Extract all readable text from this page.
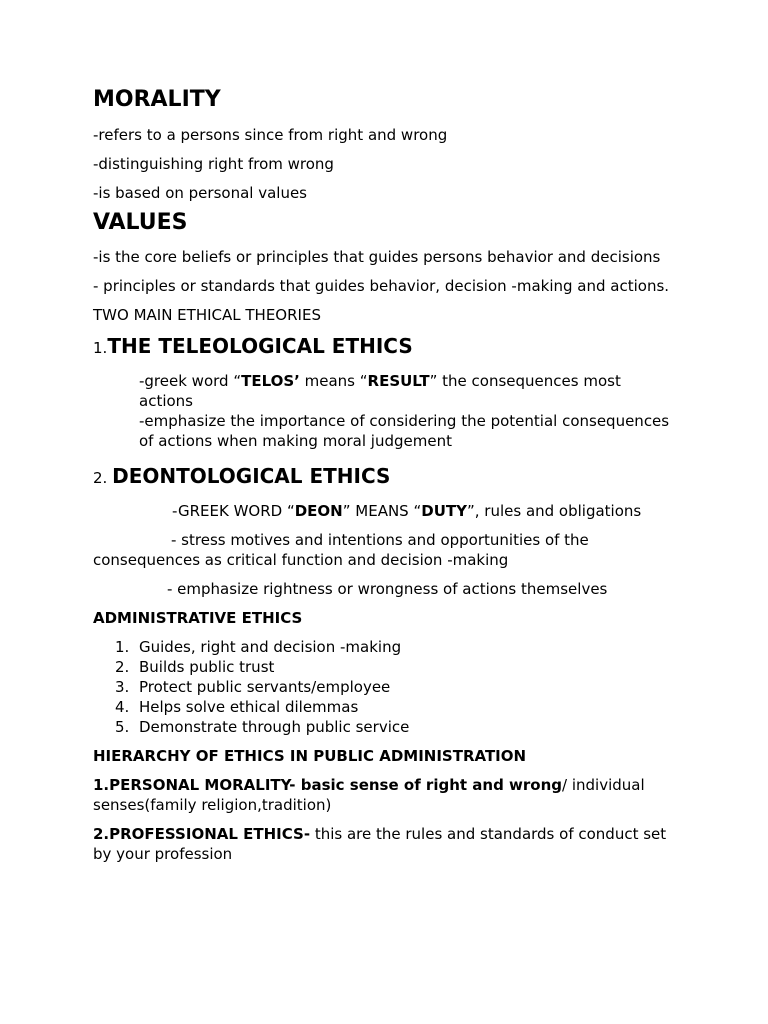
MORALITY

-refers to a persons since from right and wrong

-distinguishing right from wrong

-is based on personal values

VALUES

-is the core beliefs or principles that guides persons behavior and decisions

- principles or standards that guides behavior, decision -making and actions.

TWO MAIN ETHICAL THEORIES

1.THE TELEOLOGICAL ETHICS

-greek word “TELOS’ means “RESULT” the consequences most actions

-emphasize the importance of considering the potential consequences of actions when making moral judgement

2. DEONTOLOGICAL ETHICS

-GREEK WORD “DEON” MEANS “DUTY”, rules and obligations

- stress motives and intentions and opportunities of the

consequences as critical function and decision -making

- emphasize rightness or wrongness of actions themselves

ADMINISTRATIVE ETHICS

1. Guides, right and decision -making
2. Builds public trust
3. Protect public servants/employee
4. Helps solve ethical dilemmas
5. Demonstrate through public service

HIERARCHY OF ETHICS IN PUBLIC ADMINISTRATION

1.PERSONAL MORALITY- basic sense of right and wrong/ individual senses(family religion,tradition)

2.PROFESSIONAL ETHICS- this are the rules and standards of conduct set by your profession
